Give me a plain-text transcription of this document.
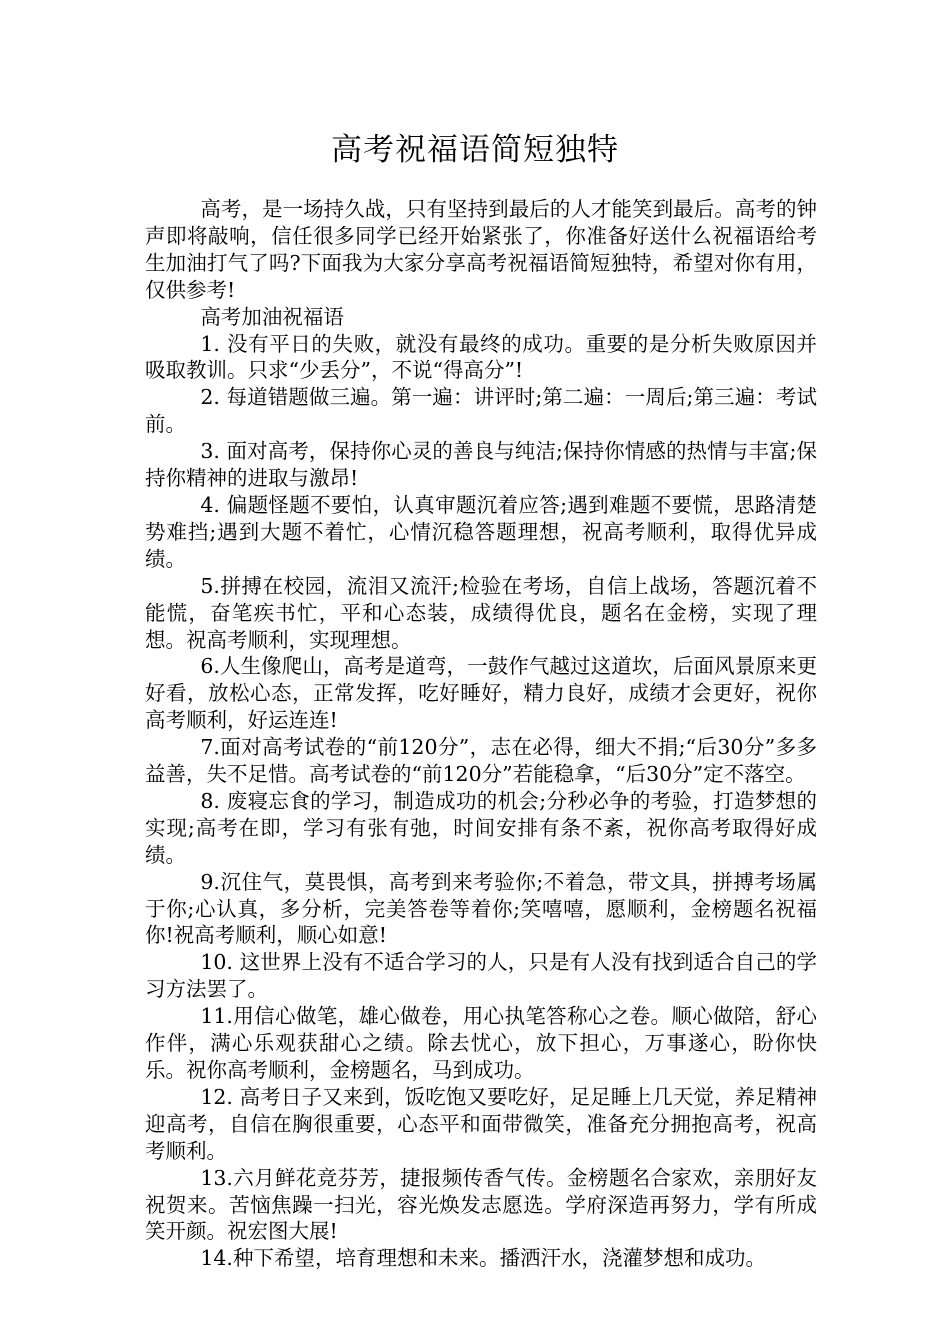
高考祝福语简短独特

高考，是一场持久战，只有坚持到最后的人才能笑到最后。高考的钟声即将敲响，信任很多同学已经开始紧张了，你准备好送什么祝福语给考生加油打气了吗?下面我为大家分享高考祝福语简短独特，希望对你有用，仅供参考!

高考加油祝福语

1. 没有平日的失败，就没有最终的成功。重要的是分析失败原因并吸取教训。只求“少丢分”，不说“得高分”!

2. 每道错题做三遍。第一遍：讲评时;第二遍：一周后;第三遍：考试前。

3. 面对高考，保持你心灵的善良与纯洁;保持你情感的热情与丰富;保持你精神的进取与激昂!

4. 偏题怪题不要怕，认真审题沉着应答;遇到难题不要慌，思路清楚势难挡;遇到大题不着忙，心情沉稳答题理想，祝高考顺利，取得优异成绩。

5.拼搏在校园，流泪又流汗;检验在考场，自信上战场，答题沉着不能慌，奋笔疾书忙，平和心态装，成绩得优良，题名在金榜，实现了理想。祝高考顺利，实现理想。

6.人生像爬山，高考是道弯，一鼓作气越过这道坎，后面风景原来更好看，放松心态，正常发挥，吃好睡好，精力良好，成绩才会更好，祝你高考顺利，好运连连!

7.面对高考试卷的“前120分”，志在必得，细大不捐;“后30分”多多益善，失不足惜。高考试卷的“前120分”若能稳拿，“后30分”定不落空。

8. 废寝忘食的学习，制造成功的机会;分秒必争的考验，打造梦想的实现;高考在即，学习有张有弛，时间安排有条不紊，祝你高考取得好成绩。

9.沉住气，莫畏惧，高考到来考验你;不着急，带文具，拼搏考场属于你;心认真，多分析，完美答卷等着你;笑嘻嘻，愿顺利，金榜题名祝福你!祝高考顺利，顺心如意!

10. 这世界上没有不适合学习的人，只是有人没有找到适合自己的学习方法罢了。

11.用信心做笔，雄心做卷，用心执笔答称心之卷。顺心做陪，舒心作伴，满心乐观获甜心之绩。除去忧心，放下担心，万事遂心，盼你快乐。祝你高考顺利，金榜题名，马到成功。

12. 高考日子又来到，饭吃饱又要吃好，足足睡上几天觉，养足精神迎高考，自信在胸很重要，心态平和面带微笑，准备充分拥抱高考，祝高考顺利。

13.六月鲜花竞芬芳，捷报频传香气传。金榜题名合家欢，亲朋好友祝贺来。苦恼焦躁一扫光，容光焕发志愿选。学府深造再努力，学有所成笑开颜。祝宏图大展!

14.种下希望，培育理想和未来。播洒汗水，浇灌梦想和成功。
